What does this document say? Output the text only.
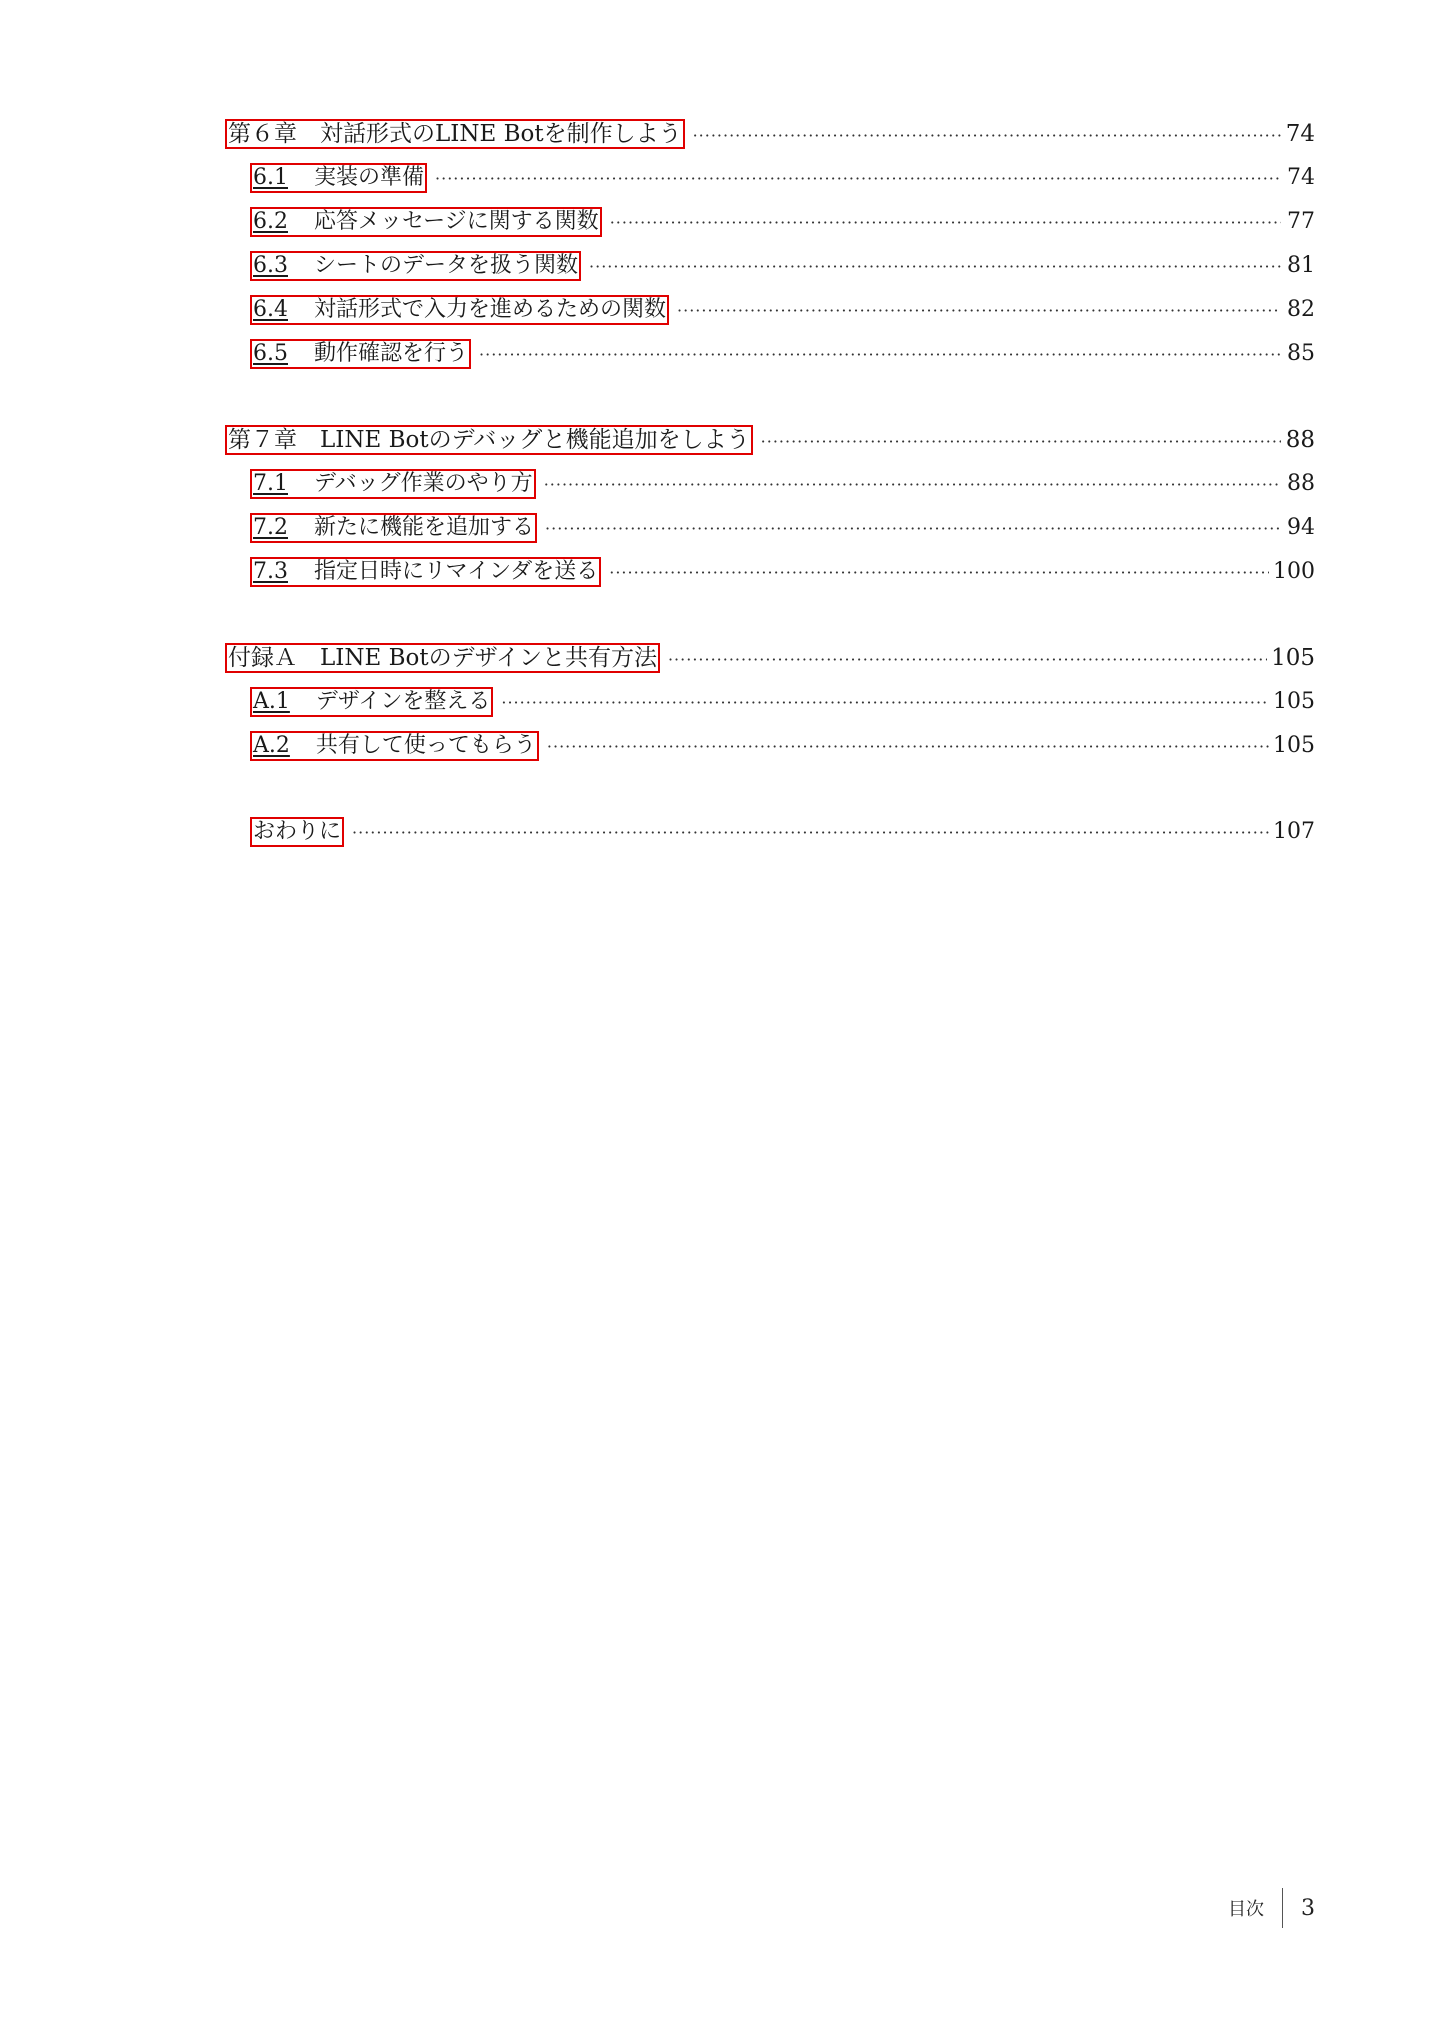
第６章　対話形式のLINE Botを制作しよう ·····	74
6.1 実装の準備 ·····	74
6.2 応答メッセージに関する関数 ·····	77
6.3 シートのデータを扱う関数 ·····	81
6.4 対話形式で入力を進めるための関数 ·····	82
6.5 動作確認を行う ·····	85
第７章　LINE Botのデバッグと機能追加をしよう ·····	88
7.1 デバッグ作業のやり方 ·····	88
7.2 新たに機能を追加する ·····	94
7.3 指定日時にリマインダを送る ·····	100
付録Ａ　LINE Botのデザインと共有方法 ·····	105
A.1 デザインを整える ·····	105
A.2 共有して使ってもらう ·····	105
おわりに ·····	107
目次 3
